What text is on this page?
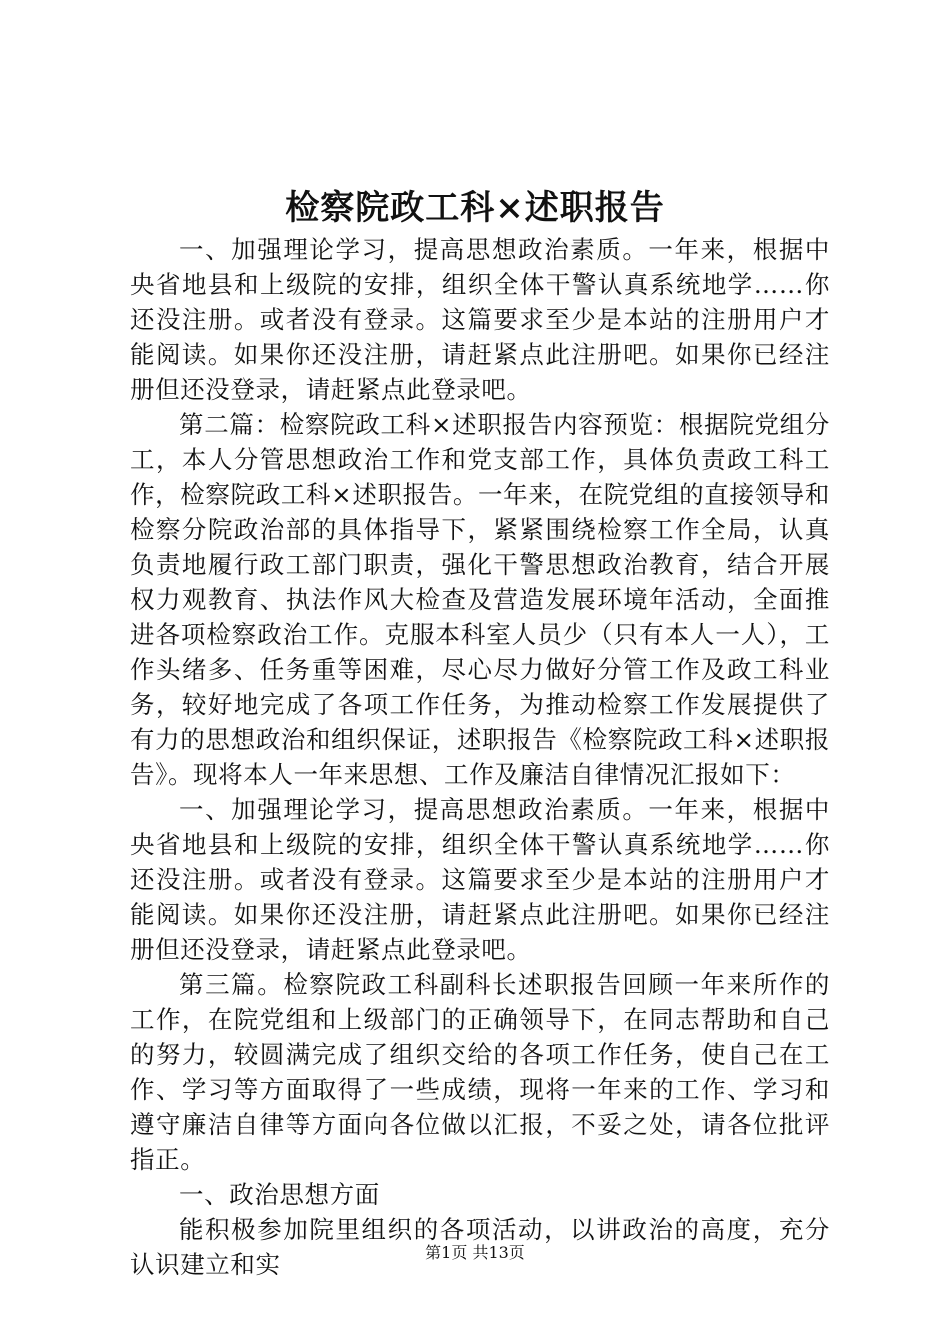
检察院政工科×述职报告

一、加强理论学习，提高思想政治素质。一年来，根据中央省地县和上级院的安排，组织全体干警认真系统地学……你还没注册。或者没有登录。这篇要求至少是本站的注册用户才能阅读。如果你还没注册，请赶紧点此注册吧。如果你已经注册但还没登录，请赶紧点此登录吧。

第二篇：检察院政工科×述职报告内容预览：根据院党组分工，本人分管思想政治工作和党支部工作，具体负责政工科工作，检察院政工科×述职报告。一年来，在院党组的直接领导和检察分院政治部的具体指导下，紧紧围绕检察工作全局，认真负责地履行政工部门职责，强化干警思想政治教育，结合开展权力观教育、执法作风大检查及营造发展环境年活动，全面推进各项检察政治工作。克服本科室人员少（只有本人一人），工作头绪多、任务重等困难，尽心尽力做好分管工作及政工科业务，较好地完成了各项工作任务，为推动检察工作发展提供了有力的思想政治和组织保证，述职报告《检察院政工科×述职报告》。现将本人一年来思想、工作及廉洁自律情况汇报如下：

一、加强理论学习，提高思想政治素质。一年来，根据中央省地县和上级院的安排，组织全体干警认真系统地学……你还没注册。或者没有登录。这篇要求至少是本站的注册用户才能阅读。如果你还没注册，请赶紧点此注册吧。如果你已经注册但还没登录，请赶紧点此登录吧。

第三篇。检察院政工科副科长述职报告回顾一年来所作的工作，在院党组和上级部门的正确领导下，在同志帮助和自己的努力，较圆满完成了组织交给的各项工作任务，使自己在工作、学习等方面取得了一些成绩，现将一年来的工作、学习和遵守廉洁自律等方面向各位做以汇报，不妥之处，请各位批评指正。

一、政治思想方面

能积极参加院里组织的各项活动，以讲政治的高度，充分认识建立和实	第1页 共13页
